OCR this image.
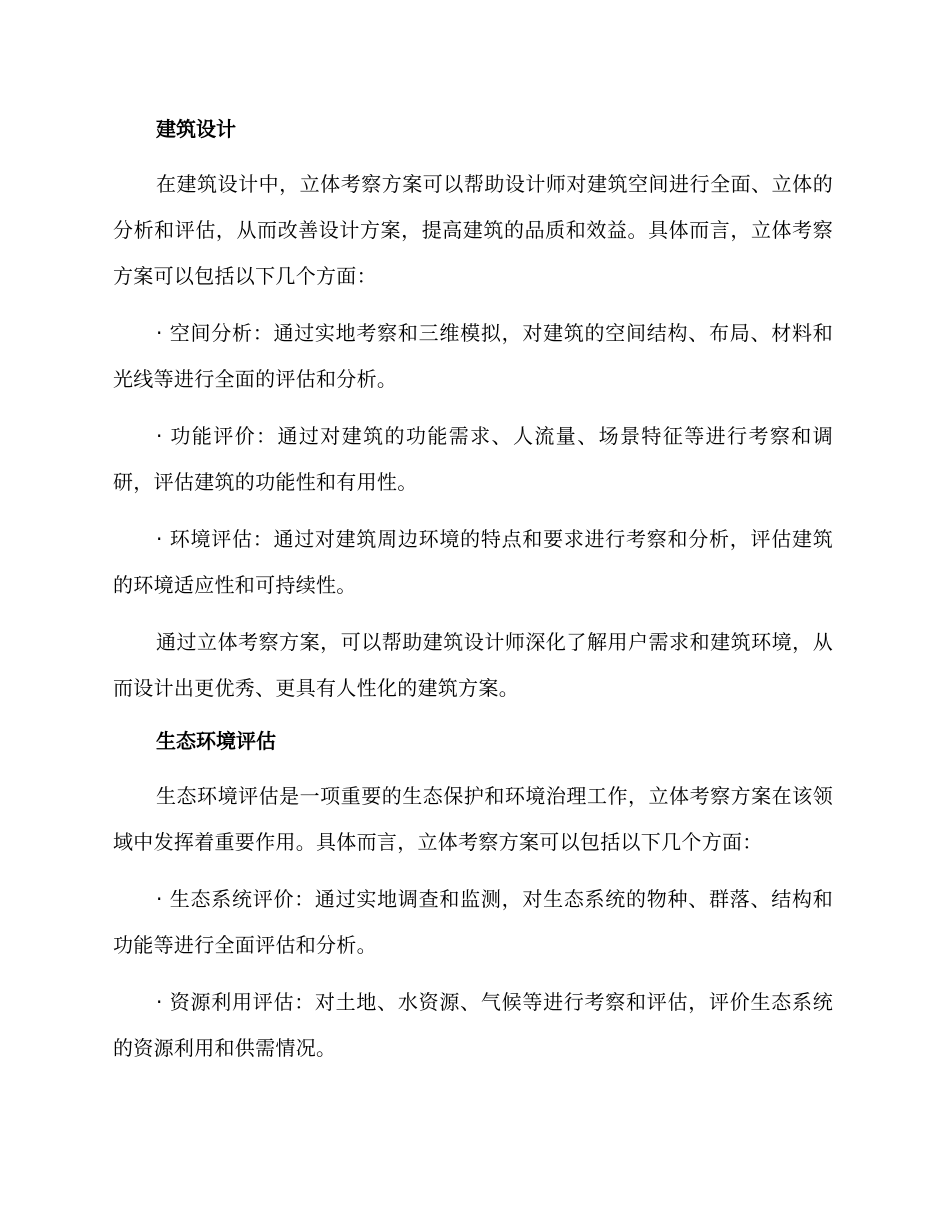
建筑设计

在建筑设计中，立体考察方案可以帮助设计师对建筑空间进行全面、立体的分析和评估，从而改善设计方案，提高建筑的品质和效益。具体而言，立体考察方案可以包括以下几个方面：

· 空间分析：通过实地考察和三维模拟，对建筑的空间结构、布局、材料和光线等进行全面的评估和分析。

· 功能评价：通过对建筑的功能需求、人流量、场景特征等进行考察和调研，评估建筑的功能性和有用性。

· 环境评估：通过对建筑周边环境的特点和要求进行考察和分析，评估建筑的环境适应性和可持续性。

通过立体考察方案，可以帮助建筑设计师深化了解用户需求和建筑环境，从而设计出更优秀、更具有人性化的建筑方案。

生态环境评估

生态环境评估是一项重要的生态保护和环境治理工作，立体考察方案在该领域中发挥着重要作用。具体而言，立体考察方案可以包括以下几个方面：

· 生态系统评价：通过实地调查和监测，对生态系统的物种、群落、结构和功能等进行全面评估和分析。

· 资源利用评估：对土地、水资源、气候等进行考察和评估，评价生态系统的资源利用和供需情况。
